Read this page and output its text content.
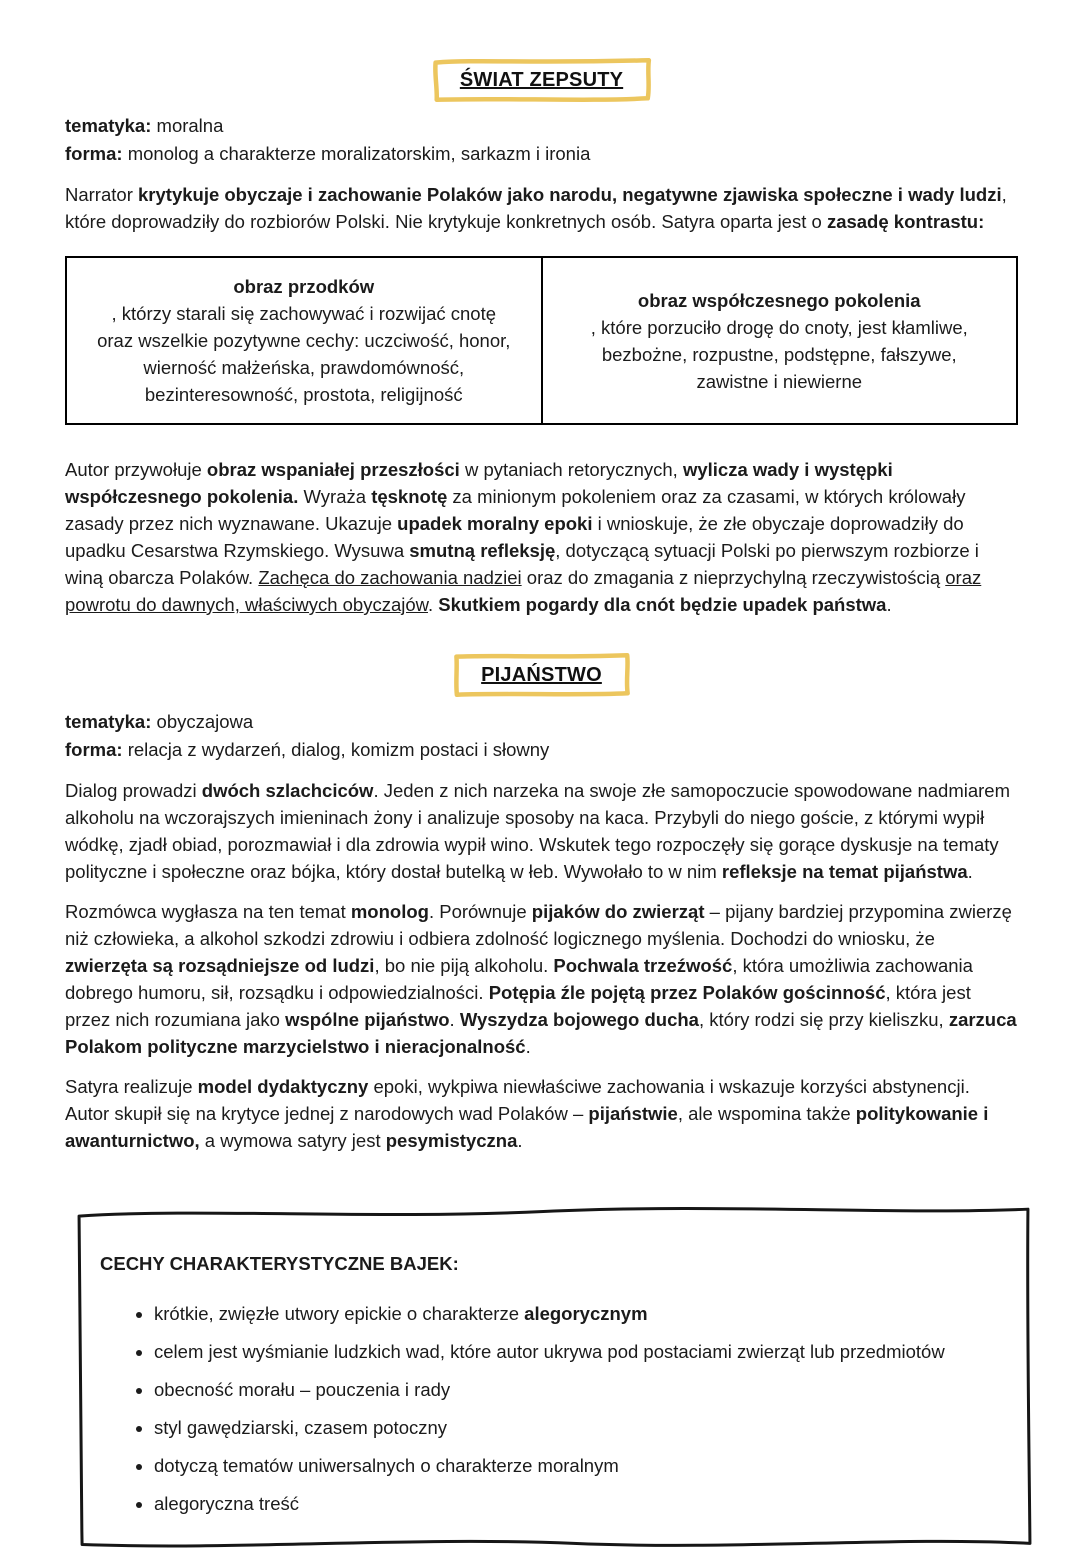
ŚWIAT ZEPSUTY

tematyka: moralna

forma: monolog a charakterze moralizatorskim, sarkazm i ironia

Narrator krytykuje obyczaje i zachowanie Polaków jako narodu, negatywne zjawiska społeczne i wady ludzi, które doprowadziły do rozbiorów Polski. Nie krytykuje konkretnych osób. Satyra oparta jest o zasadę kontrastu:

obraz przodków
, którzy starali się zachowywać i rozwijać cnotę oraz wszelkie pozytywne cechy: uczciwość, honor, wierność małżeńska, prawdomówność, bezinteresowność, prostota, religijność
obraz współczesnego pokolenia
, które porzuciło drogę do cnoty, jest kłamliwe, bezbożne, rozpustne, podstępne, fałszywe, zawistne i niewierne

Autor przywołuje obraz wspaniałej przeszłości w pytaniach retorycznych, wylicza wady i występki współczesnego pokolenia. Wyraża tęsknotę za minionym pokoleniem oraz za czasami, w których królowały zasady przez nich wyznawane. Ukazuje upadek moralny epoki i wnioskuje, że złe obyczaje doprowadziły do upadku Cesarstwa Rzymskiego. Wysuwa smutną refleksję, dotyczącą sytuacji Polski po pierwszym rozbiorze i winą obarcza Polaków. Zachęca do zachowania nadziei oraz do zmagania z nieprzychylną rzeczywistością oraz powrotu do dawnych, właściwych obyczajów. Skutkiem pogardy dla cnót będzie upadek państwa.

PIJAŃSTWO

tematyka: obyczajowa

forma: relacja z wydarzeń, dialog, komizm postaci i słowny

Dialog prowadzi dwóch szlachciców. Jeden z nich narzeka na swoje złe samopoczucie spowodowane nadmiarem alkoholu na wczorajszych imieninach żony i analizuje sposoby na kaca. Przybyli do niego goście, z którymi wypił wódkę, zjadł obiad, porozmawiał i dla zdrowia wypił wino. Wskutek tego rozpoczęły się gorące dyskusje na tematy polityczne i społeczne oraz bójka, który dostał butelką w łeb. Wywołało to w nim refleksje na temat pijaństwa.

Rozmówca wygłasza na ten temat monolog. Porównuje pijaków do zwierząt – pijany bardziej przypomina zwierzę niż człowieka, a alkohol szkodzi zdrowiu i odbiera zdolność logicznego myślenia. Dochodzi do wniosku, że zwierzęta są rozsądniejsze od ludzi, bo nie piją alkoholu. Pochwala trzeźwość, która umożliwia zachowania dobrego humoru, sił, rozsądku i odpowiedzialności. Potępia źle pojętą przez Polaków gościnność, która jest przez nich rozumiana jako wspólne pijaństwo. Wyszydza bojowego ducha, który rodzi się przy kieliszku, zarzuca Polakom polityczne marzycielstwo i nieracjonalność.

Satyra realizuje model dydaktyczny epoki, wykpiwa niewłaściwe zachowania i wskazuje korzyści abstynencji. Autor skupił się na krytyce jednej z narodowych wad Polaków – pijaństwie, ale wspomina także politykowanie i awanturnictwo, a wymowa satyry jest pesymistyczna.

CECHY CHARAKTERYSTYCZNE BAJEK:
• krótkie, zwięzłe utwory epickie o charakterze alegorycznym
• celem jest wyśmianie ludzkich wad, które autor ukrywa pod postaciami zwierząt lub przedmiotów
• obecność morału – pouczenia i rady
• styl gawędziarski, czasem potoczny
• dotyczą tematów uniwersalnych o charakterze moralnym
• alegoryczna treść
